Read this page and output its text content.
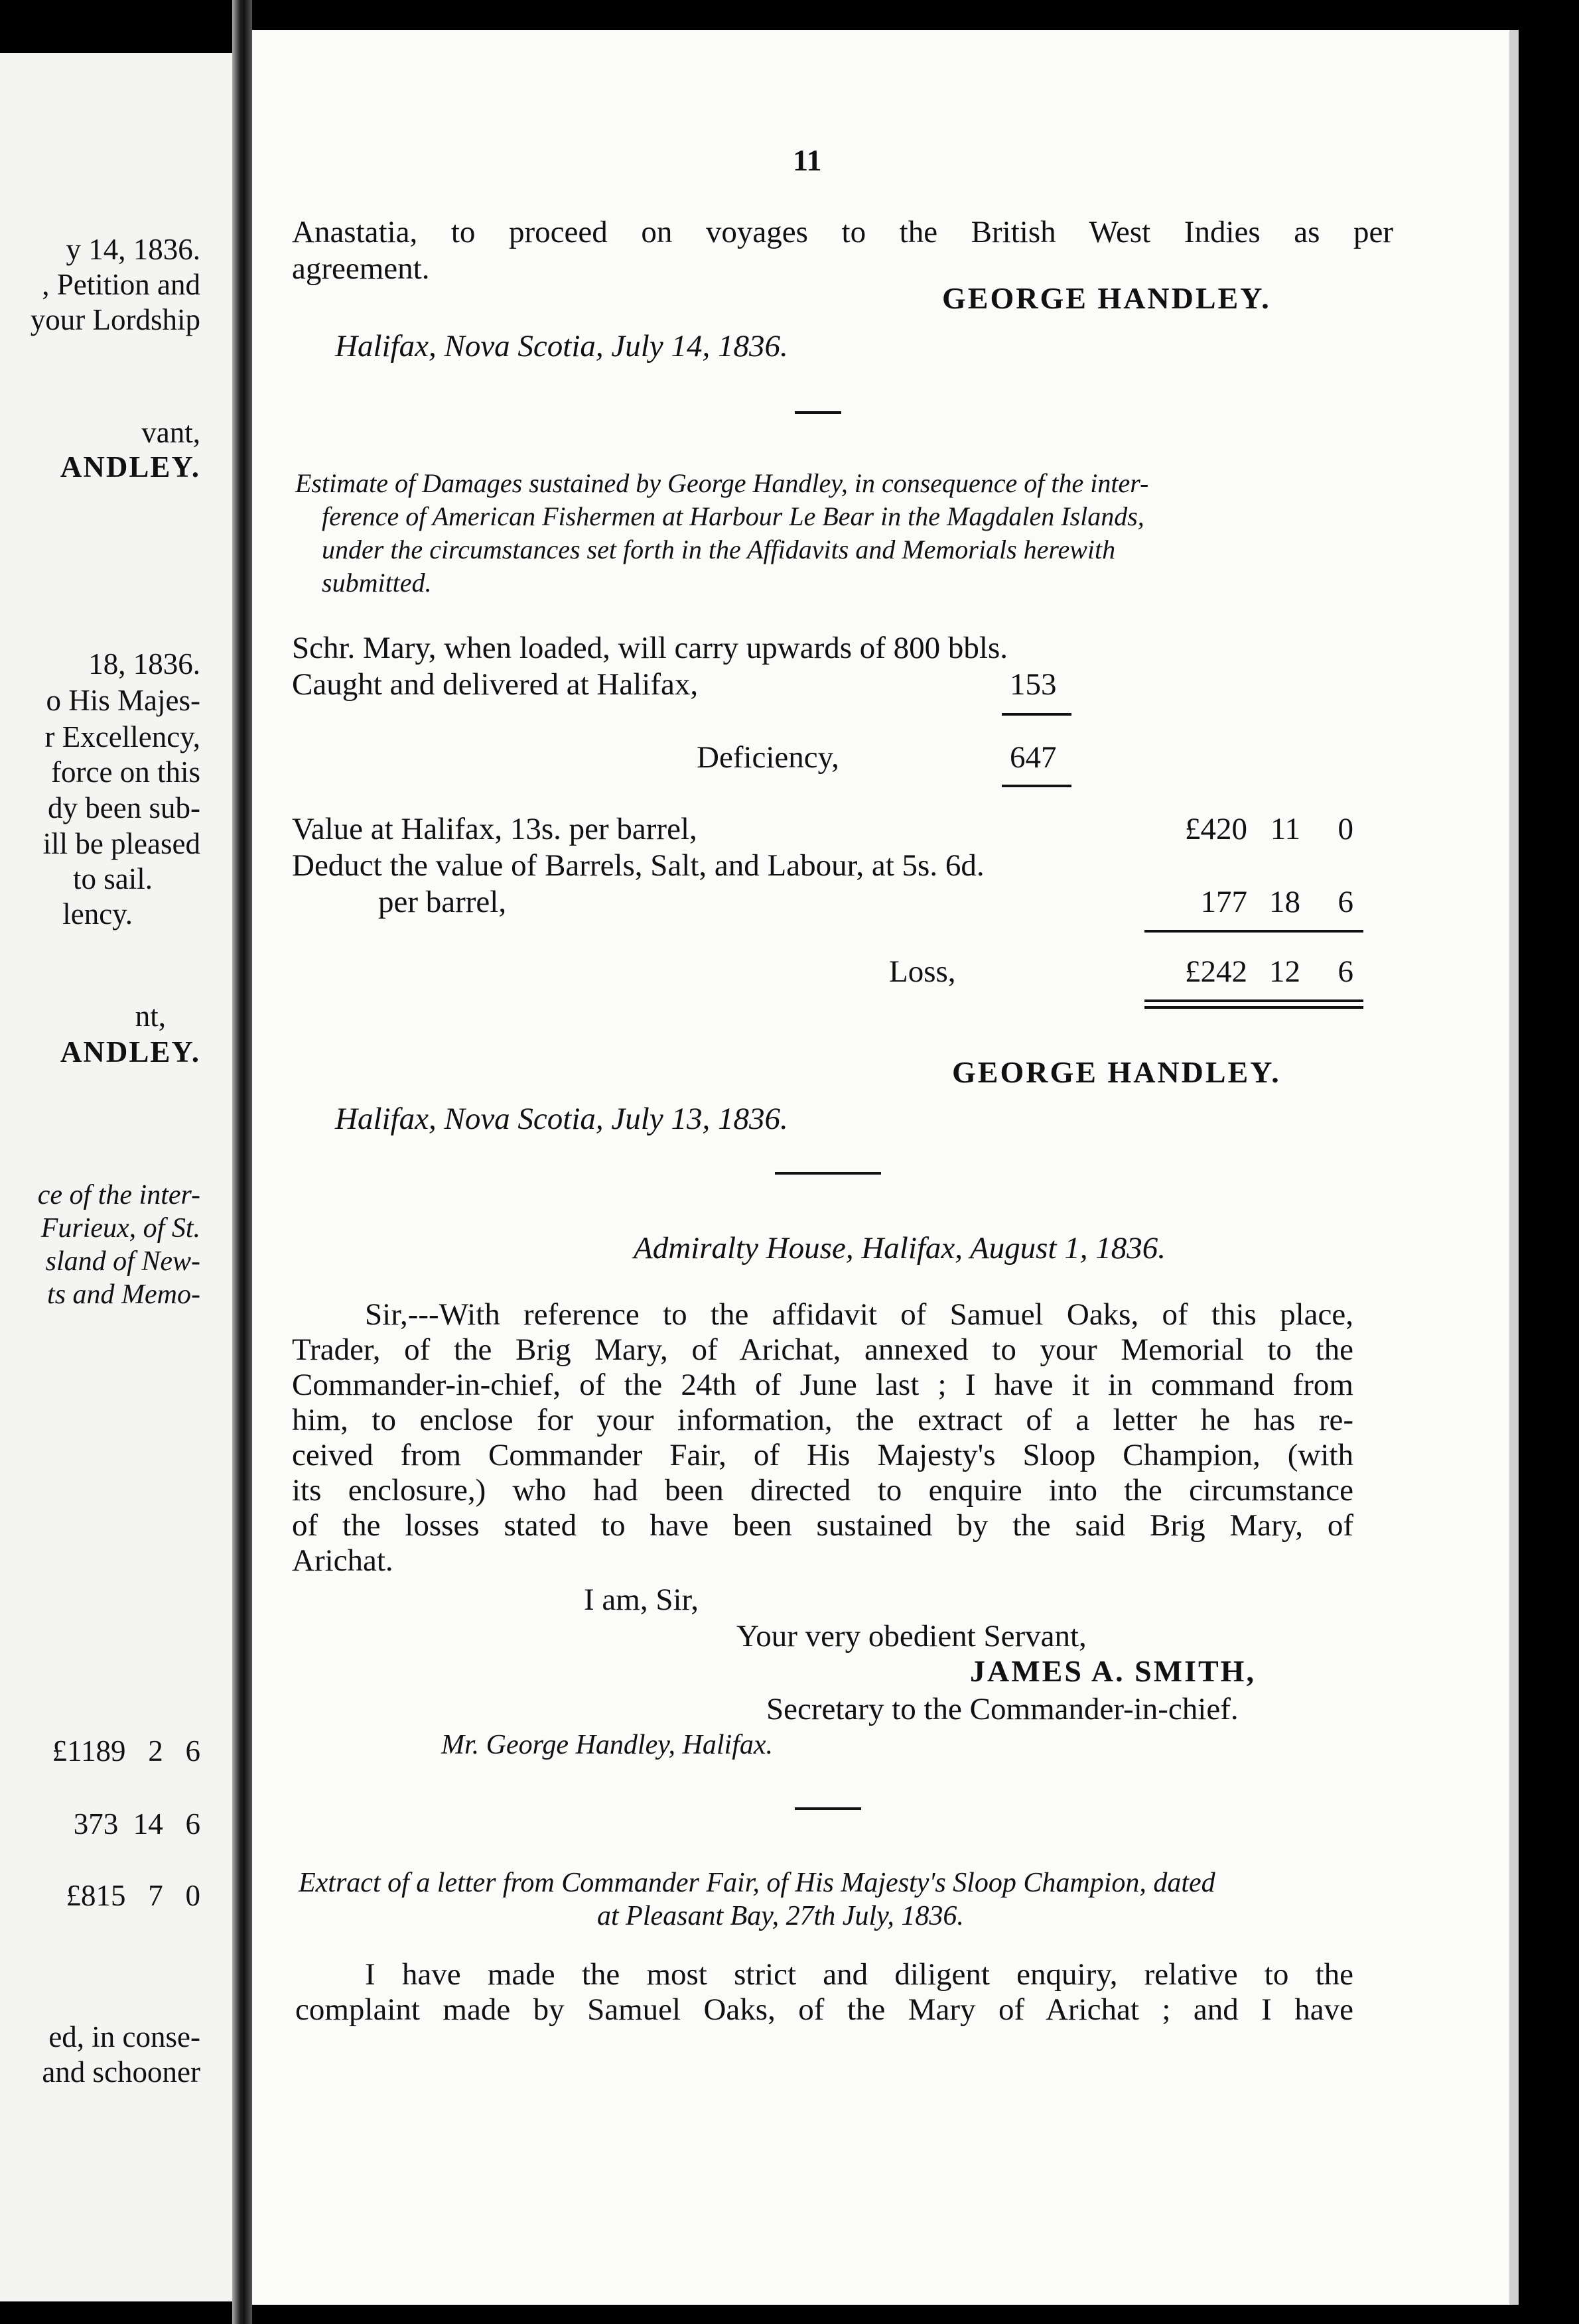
y 14, 1836.
, Petition and
your Lordship
vant,
ANDLEY.
18, 1836.
o His Majes-
r Excellency,
force on this
dy been sub-
ill be pleased
to sail.
lency.
nt,
ANDLEY.
ce of the inter-
Furieux, of St.
sland of New-
ts and Memo-
£1189   2   6
373  14   6
£815   7   0
ed, in conse-
and schooner
11
Anastatia, to proceed on voyages to the British West Indies as per
agreement.
GEORGE HANDLEY.
Halifax, Nova Scotia, July 14, 1836.
Estimate of Damages sustained by George Handley, in consequence of the inter-
ference of American Fishermen at Harbour Le Bear in the Magdalen Islands,
under the circumstances set forth in the Affidavits and Memorials herewith
submitted.
Schr. Mary, when loaded, will carry upwards of 800 bbls.
Caught and delivered at Halifax,	153
Deficiency,	647
Value at Halifax, 13s. per barrel,	£420 11	0
Deduct the value of Barrels, Salt, and Labour, at 5s. 6d.
per barrel,	177 18	6
Loss,	£242 12	6
GEORGE HANDLEY.
Halifax, Nova Scotia, July 13, 1836.
Admiralty House, Halifax, August 1, 1836.
Sir,---With reference to the affidavit of Samuel Oaks, of this place,
Trader, of the Brig Mary, of Arichat, annexed to your Memorial to the
Commander-in-chief, of the 24th of June last ; I have it in command from
him, to enclose for your information, the extract of a letter he has re-
ceived from Commander Fair, of His Majesty's Sloop Champion, (with
its enclosure,) who had been directed to enquire into the circumstance
of the losses stated to have been sustained by the said Brig Mary, of
Arichat.
I am, Sir,
Your very obedient Servant,
JAMES A. SMITH,
Secretary to the Commander-in-chief.
Mr. George Handley, Halifax.
Extract of a letter from Commander Fair, of His Majesty's Sloop Champion, dated
at Pleasant Bay, 27th July, 1836.
I have made the most strict and diligent enquiry, relative to the
complaint made by Samuel Oaks, of the Mary of Arichat ; and I have
